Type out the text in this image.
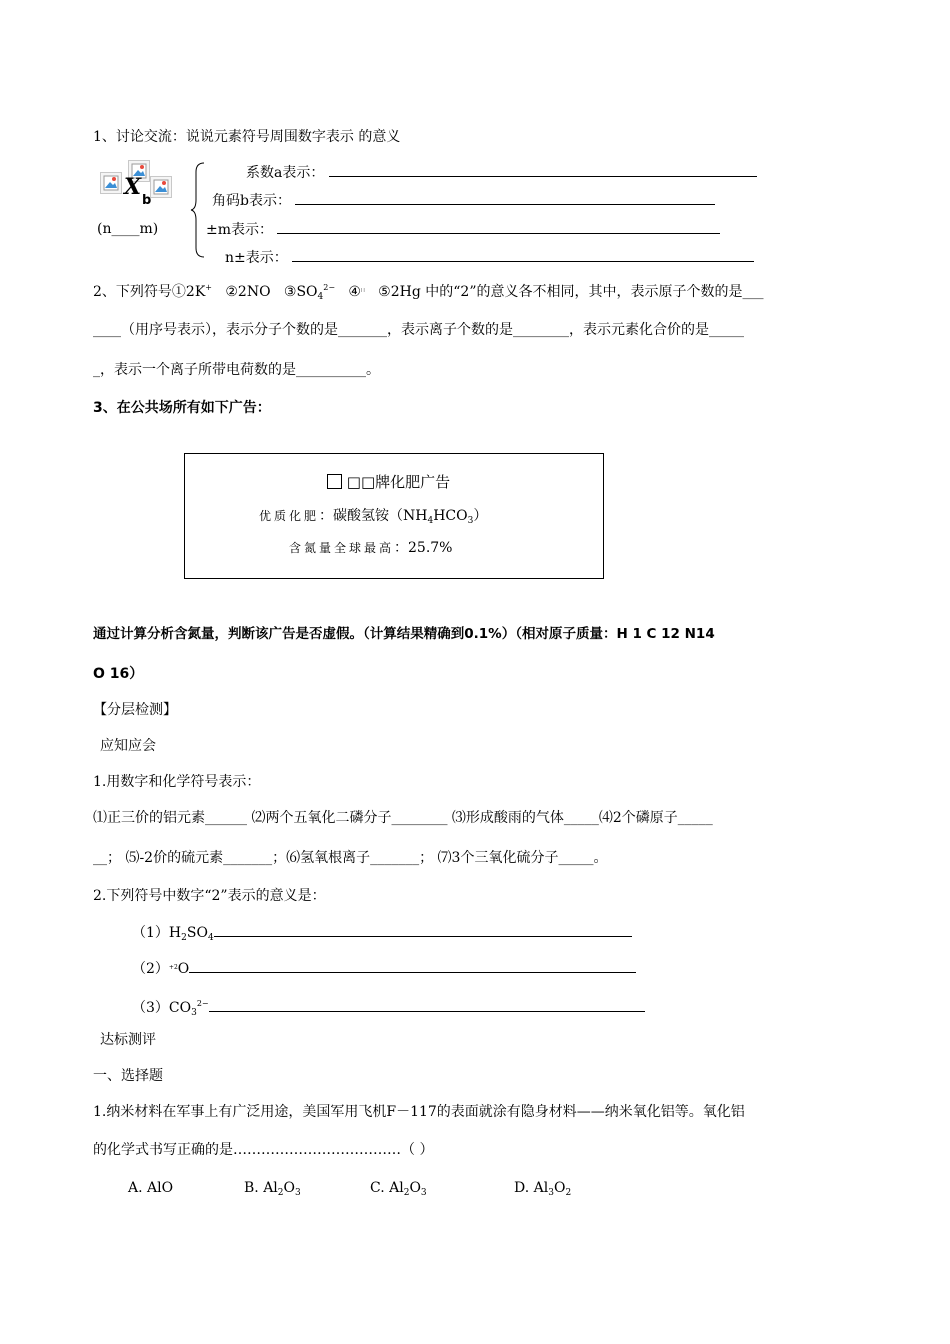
1、讨论交流：说说元素符号周围数字表示 的意义
X
b
(n____m)
系数a表示：
角码b表示：
±m表示：
n±表示：
2、下列符号①2K+ ②2NO $③SO_4^{2-}$ ④∷ ⑤2Hg 中的“2”的意义各不相同，其中，表示原子个数的是___
____（用序号表示），表示分子个数的是_______，表示离子个数的是________，表示元素化合价的是_____
_，表示一个离子所带电荷数的是__________。
3、在公共场所有如下广告：
□□牌化肥广告
优质化肥：碳酸氢铵$(NH_4HCO_3)$
含氮量全球最高：25.7%
通过计算分析含氮量，判断该广告是否虚假。（计算结果精确到0.1%）（相对原子质量：H 1 C 12 N14
O 16）
【分层检测】
应知应会
1.用数字和化学符号表示：
⑴正三价的铝元素______ ⑵两个五氧化二磷分子________ ⑶形成酸雨的气体_____⑷2个磷原子_____
__； ⑸-2价的硫元素_______；⑹氢氧根离子_______； ⑺3个三氧化硫分子_____。
2.下列符号中数字“2”表示的意义是：
$(1)H_2SO_4$
（2）+2O
$(3)CO_3^{2-}$
达标测评
一、选择题
1.纳米材料在军事上有广泛用途，美国军用飞机F－117的表面就涂有隐身材料——纳米氧化铝等。氧化铝
的化学式书写正确的是………………………………（ ）
A. AlO	B. $Al_2O_3$	C. $Al_2O_3$	D. $Al_3O_2$
